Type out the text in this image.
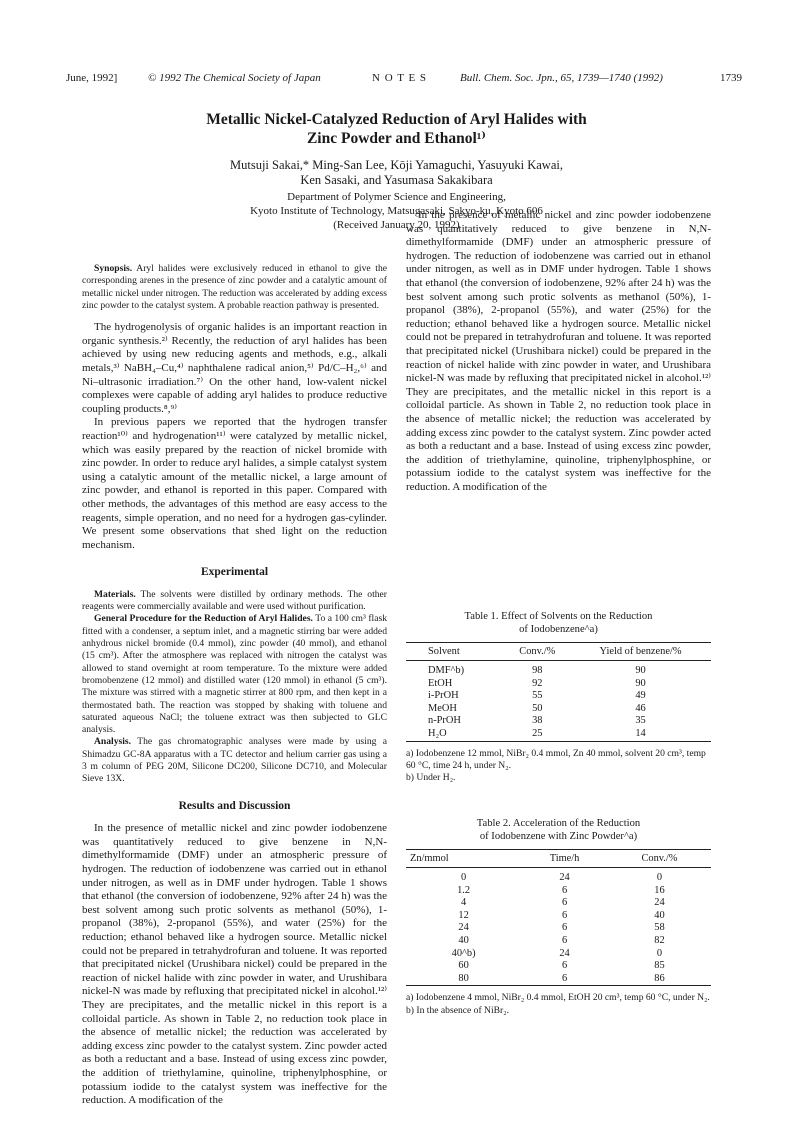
June, 1992]	© 1992 The Chemical Society of Japan	N O T E S	Bull. Chem. Soc. Jpn., 65, 1739—1740 (1992)	1739
Metallic Nickel-Catalyzed Reduction of Aryl Halides with
Zinc Powder and Ethanol¹⁾
Mutsuji Sakai,* Ming-San Lee, Kōji Yamaguchi, Yasuyuki Kawai,
Ken Sasaki, and Yasumasa Sakakibara
Department of Polymer Science and Engineering,
Kyoto Institute of Technology, Matsugasaki, Sakyo-ku, Kyoto 606
(Received January 20, 1992)

Synopsis. Aryl halides were exclusively reduced in ethanol to give the corresponding arenes in the presence of zinc powder and a catalytic amount of metallic nickel under nitrogen. The reduction was accelerated by adding excess zinc powder to the catalyst system. A probable reaction pathway is presented.

The hydrogenolysis of organic halides is an important reaction in organic synthesis.²⁾ Recently, the reduction of aryl halides has been achieved by using new reducing agents and methods, e.g., alkali metals,³⁾ NaBH₄–Cu,⁴⁾ naphthalene radical anion,⁵⁾ Pd/C–H₂,⁶⁾ and Ni–ultrasonic irradiation.⁷⁾ On the other hand, low-valent nickel complexes were capable of adding aryl halides to produce reductive coupling products.⁸,⁹⁾

In previous papers we reported that the hydrogen transfer reaction¹⁰⁾ and hydrogenation¹¹⁾ were catalyzed by metallic nickel, which was easily prepared by the reaction of nickel bromide with zinc powder. In order to reduce aryl halides, a simple catalyst system using a catalytic amount of the metallic nickel, a large amount of zinc powder, and ethanol is reported in this paper. Compared with other methods, the advantages of this method are easy access to the reagents, simple operation, and no need for a hydrogen gas-cylinder. We present some observations that shed light on the reduction mechanism.

Experimental

Materials. The solvents were distilled by ordinary methods. The other reagents were commercially available and were used without purification.

General Procedure for the Reduction of Aryl Halides. To a 100 cm³ flask fitted with a condenser, a septum inlet, and a magnetic stirring bar were added anhydrous nickel bromide (0.4 mmol), zinc powder (40 mmol), and ethanol (15 cm³). After the atmosphere was replaced with nitrogen the catalyst was allowed to stand overnight at room temperature. To the mixture were added bromobenzene (12 mmol) and distilled water (120 mmol) in ethanol (5 cm³). The mixture was stirred with a magnetic stirrer at 800 rpm, and then kept in a thermostated bath. The reaction was stopped by shaking with toluene and saturated aqueous NaCl; the toluene extract was then subjected to GLC analysis.

Analysis. The gas chromatographic analyses were made by using a Shimadzu GC-8A apparatus with a TC detector and helium carrier gas using a 3 m column of PEG 20M, Silicone DC200, Silicone DC710, and Molecular Sieve 13X.

Results and Discussion

In the presence of metallic nickel and zinc powder iodobenzene was quantitatively reduced to give benzene in N,N-dimethylformamide (DMF) under an atmospheric pressure of hydrogen. The reduction of iodobenzene was carried out in ethanol under nitrogen, as well as in DMF under hydrogen. Table 1 shows that ethanol (the conversion of iodobenzene, 92% after 24 h) was the best solvent among such protic solvents as methanol (50%), 1-propanol (38%), 2-propanol (55%), and water (25%) for the reduction; ethanol behaved like a hydrogen source. Metallic nickel could not be prepared in tetrahydrofuran and toluene. It was reported that precipitated nickel (Urushibara nickel) could be prepared in the reaction of nickel halide with zinc powder in water, and Urushibara nickel-N was made by refluxing that precipitated nickel in alcohol.¹²⁾ They are precipitates, and the metallic nickel in this report is a colloidal particle. As shown in Table 2, no reduction took place in the absence of metallic nickel; the reduction was accelerated by adding excess zinc powder to the catalyst system. Zinc powder acted as both a reductant and a base. Instead of using excess zinc powder, the addition of triethylamine, quinoline, triphenylphosphine, or potassium iodide to the catalyst system was ineffective for the reduction. A modification of the

In the presence of metallic nickel and zinc powder iodobenzene was quantitatively reduced to give benzene in N,N-dimethylformamide (DMF) under an atmospheric pressure of hydrogen. The reduction of iodobenzene was carried out in ethanol under nitrogen, as well as in DMF under hydrogen. Table 1 shows that ethanol (the conversion of iodobenzene, 92% after 24 h) was the best solvent among such protic solvents as methanol (50%), 1-propanol (38%), 2-propanol (55%), and water (25%) for the reduction; ethanol behaved like a hydrogen source. Metallic nickel could not be prepared in tetrahydrofuran and toluene. It was reported that precipitated nickel (Urushibara nickel) could be prepared in the reaction of nickel halide with zinc powder in water, and Urushibara nickel-N was made by refluxing that precipitated nickel in alcohol.¹²⁾ They are precipitates, and the metallic nickel in this report is a colloidal particle. As shown in Table 2, no reduction took place in the absence of metallic nickel; the reduction was accelerated by adding excess zinc powder to the catalyst system. Zinc powder acted as both a reductant and a base. Instead of using excess zinc powder, the addition of triethylamine, quinoline, triphenylphosphine, or potassium iodide to the catalyst system was ineffective for the reduction. A modification of the

Table 1. Effect of Solvents on the Reduction
of Iodobenzene^a)
Solvent	Conv./%	Yield of benzene/%
DMF^b)	98	90
EtOH	92	90
i-PrOH	55	49
MeOH	50	46
n-PrOH	38	35
H₂O	25	14
a) Iodobenzene 12 mmol, NiBr₂ 0.4 mmol, Zn 40 mmol, solvent 20 cm³, temp 60 °C, time 24 h, under N₂.
b) Under H₂.
Table 2. Acceleration of the Reduction
of Iodobenzene with Zinc Powder^a)
Zn/mmol	Time/h	Conv./%
0	24	0
1.2	6	16
4	6	24
12	6	40
24	6	58
40	6	82
40^b)	24	0
60	6	85
80	6	86
a) Iodobenzene 4 mmol, NiBr₂ 0.4 mmol, EtOH 20 cm³, temp 60 °C, under N₂. b) In the absence of NiBr₂.
